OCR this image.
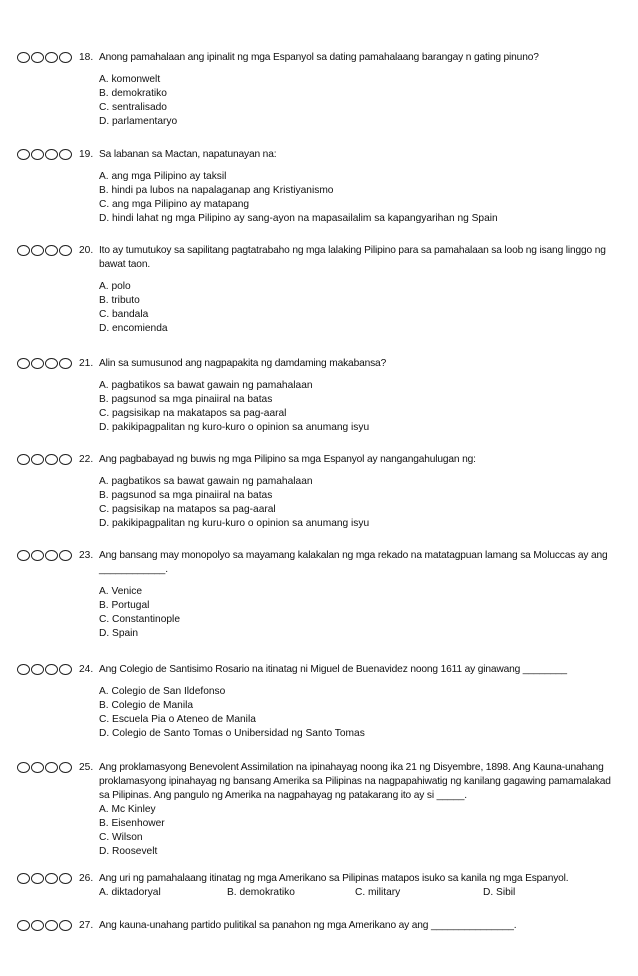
18. Anong pamahalaan ang ipinalit ng mga Espanyol sa dating pamahalaang barangay n gating pinuno?
A. komonwelt
B. demokratiko
C. sentralisado
D. parlamentaryo
19. Sa labanan sa Mactan, napatunayan na:
A. ang mga Pilipino ay taksil
B. hindi pa lubos na napalaganap ang Kristiyanismo
C. ang mga Pilipino ay matapang
D. hindi lahat ng mga Pilipino ay sang-ayon na mapasailalim sa kapangyarihan ng Spain
20. Ito ay tumutukoy sa sapilitang pagtatrabaho ng mga lalaking Pilipino para sa pamahalaan sa loob ng isang linggo ng bawat taon.
A. polo
B. tributo
C. bandala
D. encomienda
21. Alin sa sumusunod ang nagpapakita ng damdaming makabansa?
A. pagbatikos sa bawat gawain ng pamahalaan
B. pagsunod sa mga pinaiiral na batas
C. pagsisikap na makatapos sa pag-aaral
D. pakikipagpalitan ng kuro-kuro o opinion sa anumang isyu
22. Ang pagbabayad ng buwis ng mga Pilipino sa mga Espanyol ay nangangahulugan ng:
A. pagbatikos sa bawat gawain ng pamahalaan
B. pagsunod sa mga pinaiiral na batas
C. pagsisikap na matapos sa pag-aaral
D. pakikipagpalitan ng kuru-kuro o opinion sa anumang isyu
23. Ang bansang may monopolyo sa mayamang kalakalan ng mga rekado na matatagpuan lamang sa Moluccas ay ang ____________.
A. Venice
B. Portugal
C. Constantinople
D. Spain
24. Ang Colegio de Santisimo Rosario na itinatag ni Miguel de Buenavidez noong 1611 ay ginawang ________
A. Colegio de San Ildefonso
B. Colegio de Manila
C. Escuela Pia o Ateneo de Manila
D. Colegio de Santo Tomas o Unibersidad ng Santo Tomas
25. Ang proklamasyong Benevolent Assimilation na ipinahayag noong ika 21 ng Disyembre, 1898. Ang Kauna-unahang proklamasyong ipinahayag ng bansang Amerika sa Pilipinas na nagpapahiwatig ng kanilang gagawing pamamalakad sa Pilipinas. Ang pangulo ng Amerika na nagpahayag ng patakarang ito ay si _____.
A. Mc Kinley
B. Eisenhower
C. Wilson
D. Roosevelt
26. Ang uri ng pamahalaang itinatag ng mga Amerikano sa Pilipinas matapos isuko sa kanila ng mga Espanyol.
A. diktadoryal	B. demokratiko	C. military	D. Sibil
27. Ang kauna-unahang partido pulitikal sa panahon ng mga Amerikano ay ang _______________.
